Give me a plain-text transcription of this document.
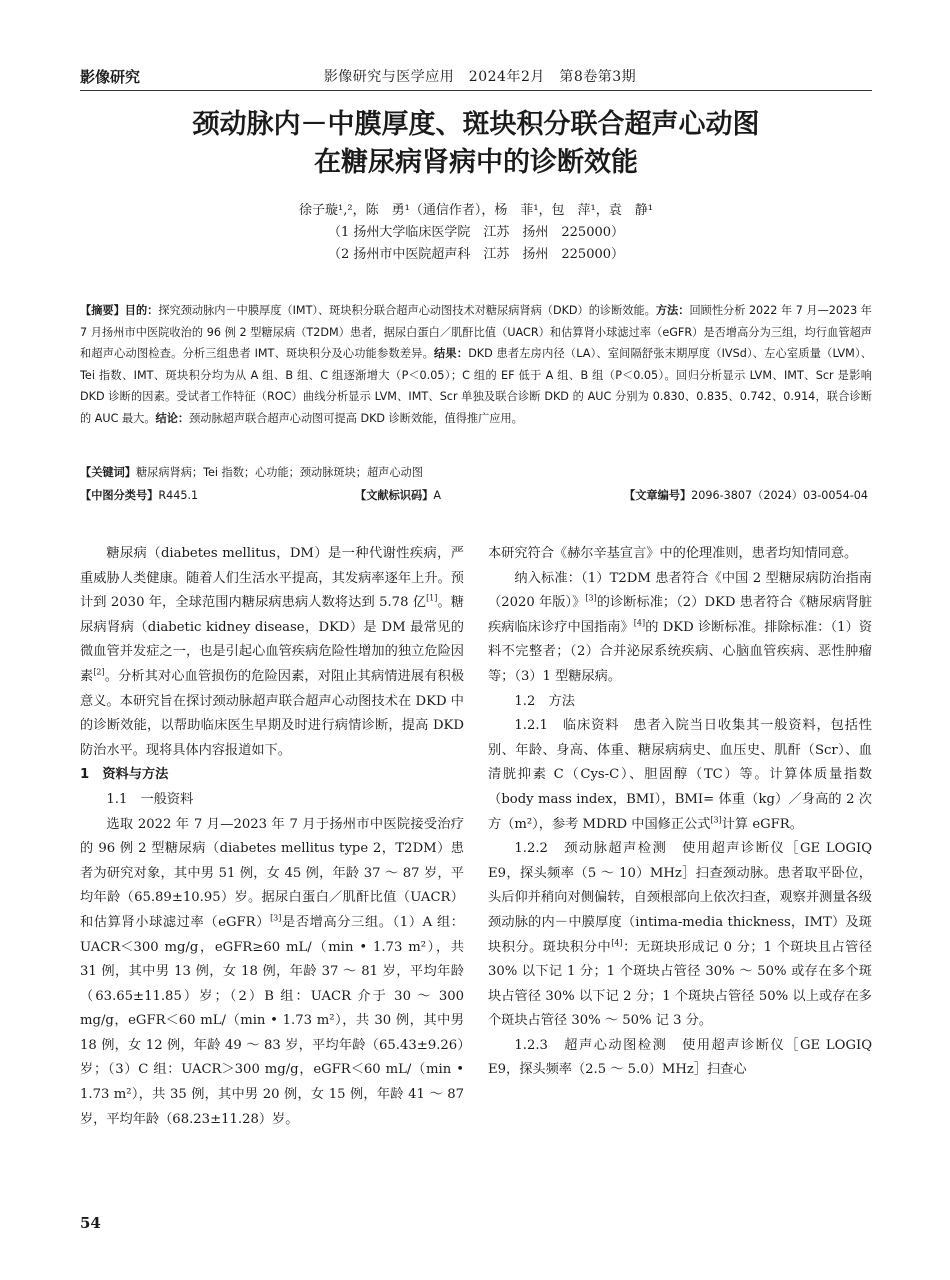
影像研究	影像研究与医学应用　2024年2月　第8卷第3期
颈动脉内－中膜厚度、斑块积分联合超声心动图
在糖尿病肾病中的诊断效能
徐子璇¹,²，陈　勇¹（通信作者），杨　菲¹，包　萍¹，袁　静¹
（1 扬州大学临床医学院　江苏　扬州　225000）
（2 扬州市中医院超声科　江苏　扬州　225000）
【摘要】目的：探究颈动脉内－中膜厚度（IMT）、斑块积分联合超声心动图技术对糖尿病肾病（DKD）的诊断效能。方法：回顾性分析 2022 年 7 月—2023 年 7 月扬州市中医院收治的 96 例 2 型糖尿病（T2DM）患者，据尿白蛋白／肌酐比值（UACR）和估算肾小球滤过率（eGFR）是否增高分为三组，均行血管超声和超声心动图检查。分析三组患者 IMT、斑块积分及心功能参数差异。结果：DKD 患者左房内径（LA）、室间隔舒张末期厚度（IVSd）、左心室质量（LVM）、Tei 指数、IMT、斑块积分均为从 A 组、B 组、C 组逐渐增大（P＜0.05）；C 组的 EF 低于 A 组、B 组（P＜0.05）。回归分析显示 LVM、IMT、Scr 是影响 DKD 诊断的因素。受试者工作特征（ROC）曲线分析显示 LVM、IMT、Scr 单独及联合诊断 DKD 的 AUC 分别为 0.830、0.835、0.742、0.914，联合诊断的 AUC 最大。结论：颈动脉超声联合超声心动图可提高 DKD 诊断效能，值得推广应用。
【关键词】糖尿病肾病；Tei 指数；心功能；颈动脉斑块；超声心动图
【中图分类号】R445.1	【文献标识码】A	【文章编号】2096-3807（2024）03-0054-04

糖尿病（diabetes mellitus，DM）是一种代谢性疾病，严重威胁人类健康。随着人们生活水平提高，其发病率逐年上升。预计到 2030 年，全球范围内糖尿病患病人数将达到 5.78 亿[1]。糖尿病肾病（diabetic kidney disease，DKD）是 DM 最常见的微血管并发症之一，也是引起心血管疾病危险性增加的独立危险因素[2]。分析其对心血管损伤的危险因素，对阻止其病情进展有积极意义。本研究旨在探讨颈动脉超声联合超声心动图技术在 DKD 中的诊断效能，以帮助临床医生早期及时进行病情诊断，提高 DKD 防治水平。现将具体内容报道如下。

1　资料与方法

1.1　一般资料

选取 2022 年 7 月—2023 年 7 月于扬州市中医院接受治疗的 96 例 2 型糖尿病（diabetes mellitus type 2，T2DM）患者为研究对象，其中男 51 例，女 45 例，年龄 37 ～ 87 岁，平均年龄（65.89±10.95）岁。据尿白蛋白／肌酐比值（UACR）和估算肾小球滤过率（eGFR）[3]是否增高分三组。（1）A 组：UACR＜300 mg/g，eGFR≥60 mL/（min • 1.73 m²），共 31 例，其中男 13 例，女 18 例，年龄 37 ～ 81 岁，平均年龄（63.65±11.85）岁；（2）B 组：UACR 介于 30 ～ 300 mg/g，eGFR＜60 mL/（min • 1.73 m²），共 30 例，其中男 18 例，女 12 例，年龄 49 ～ 83 岁，平均年龄（65.43±9.26）岁；（3）C 组：UACR＞300 mg/g，eGFR＜60 mL/（min • 1.73 m²），共 35 例，其中男 20 例，女 15 例，年龄 41 ～ 87 岁，平均年龄（68.23±11.28）岁。

本研究符合《赫尔辛基宣言》中的伦理准则，患者均知情同意。

纳入标准：（1）T2DM 患者符合《中国 2 型糖尿病防治指南（2020 年版）》[3]的诊断标准；（2）DKD 患者符合《糖尿病肾脏疾病临床诊疗中国指南》[4]的 DKD 诊断标准。排除标准：（1）资料不完整者；（2）合并泌尿系统疾病、心脑血管疾病、恶性肿瘤等；（3）1 型糖尿病。

1.2　方法

1.2.1　临床资料　患者入院当日收集其一般资料，包括性别、年龄、身高、体重、糖尿病病史、血压史、肌酐（Scr）、血清胱抑素 C（Cys-C）、胆固醇（TC）等。计算体质量指数（body mass index，BMI），BMI= 体重（kg）／身高的 2 次方（m²），参考 MDRD 中国修正公式[3]计算 eGFR。

1.2.2　颈动脉超声检测　使用超声诊断仪［GE LOGIQ E9，探头频率（5 ～ 10）MHz］扫查颈动脉。患者取平卧位，头后仰并稍向对侧偏转，自颈根部向上依次扫查，观察并测量各级颈动脉的内－中膜厚度（intima-media thickness，IMT）及斑块积分。斑块积分中[4]：无斑块形成记 0 分；1 个斑块且占管径 30% 以下记 1 分；1 个斑块占管径 30% ～ 50% 或存在多个斑块占管径 30% 以下记 2 分；1 个斑块占管径 50% 以上或存在多个斑块占管径 30% ～ 50% 记 3 分。

1.2.3　超声心动图检测　使用超声诊断仪［GE LOGIQ E9，探头频率（2.5 ～ 5.0）MHz］扫查心

54
